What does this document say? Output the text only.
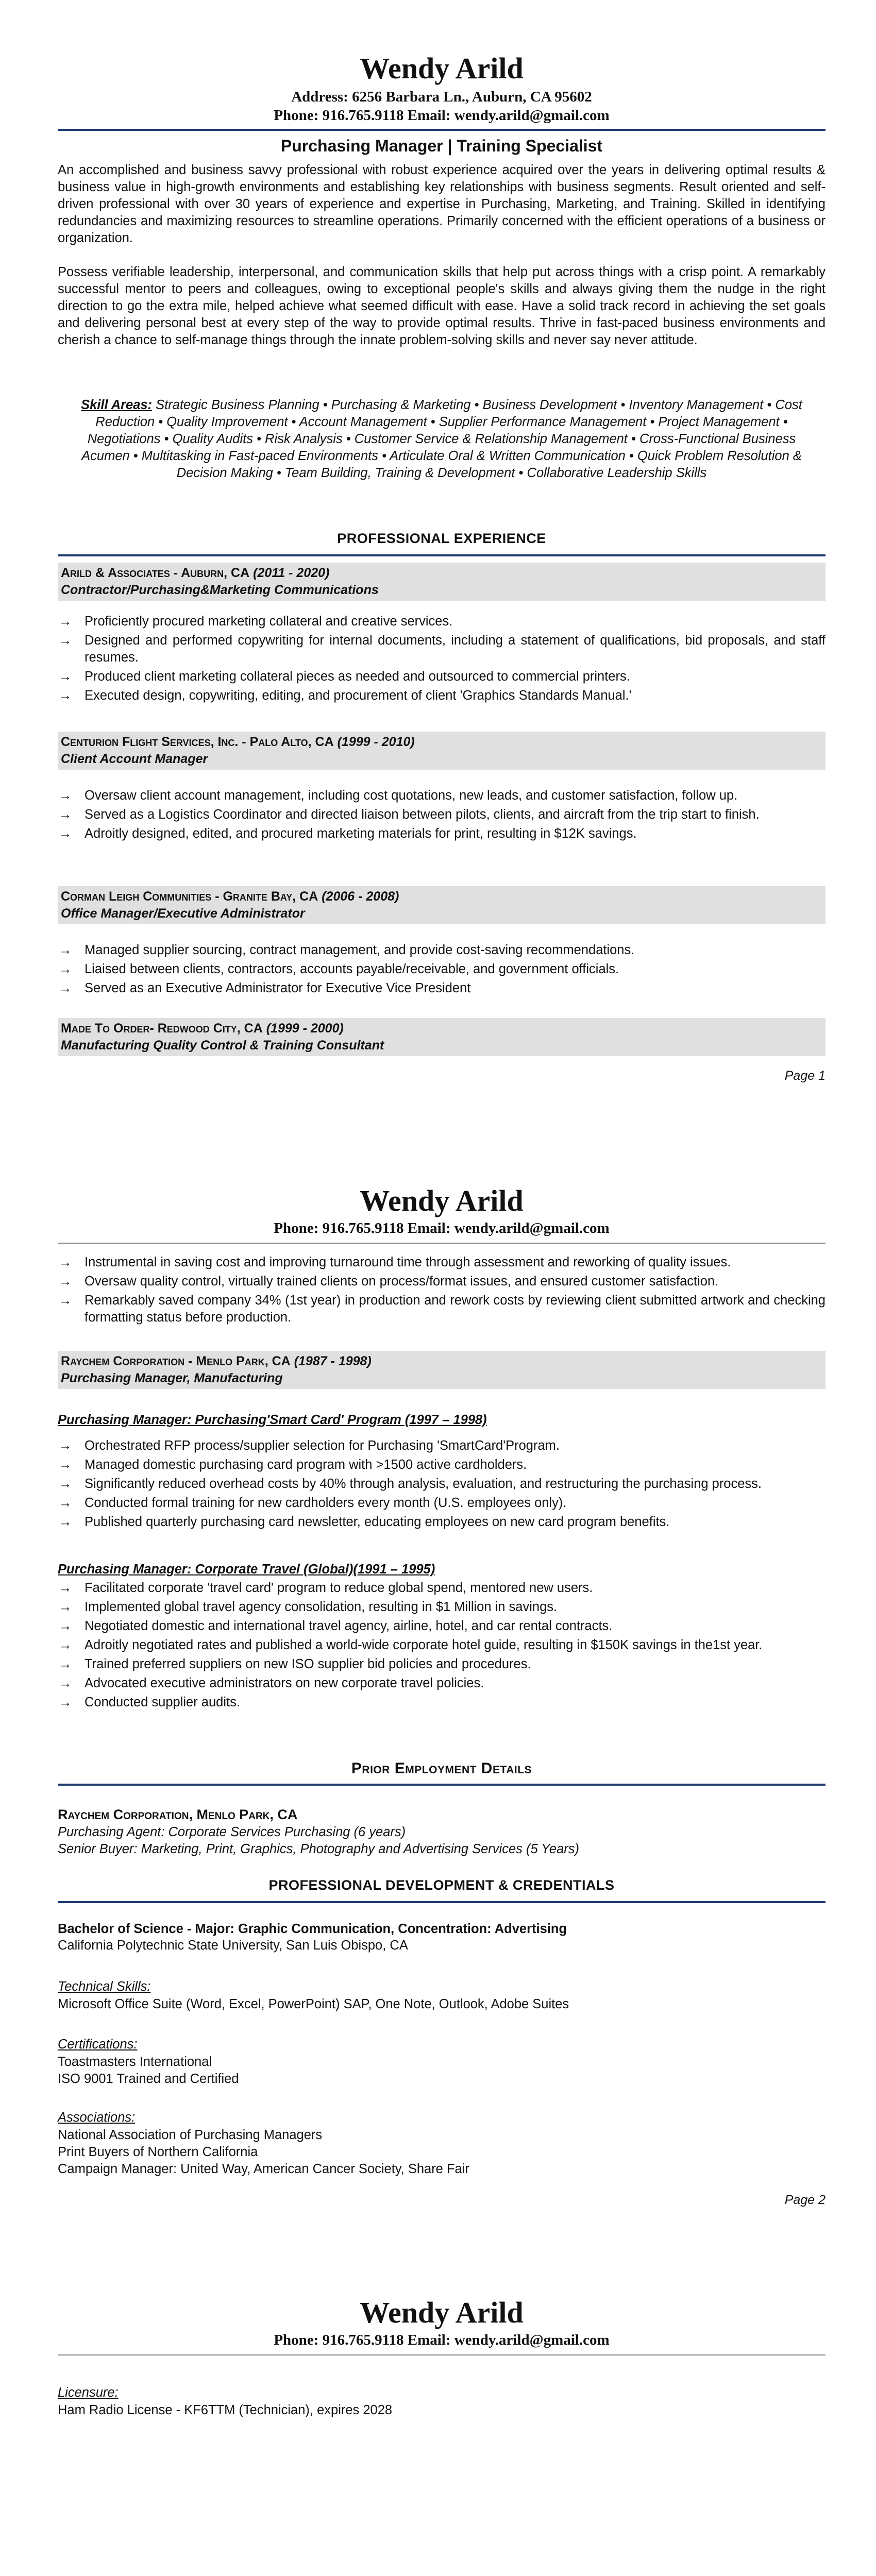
Wendy Arild
Address: 6256 Barbara Ln., Auburn, CA 95602
Phone: 916.765.9118 Email: wendy.arild@gmail.com
Purchasing Manager | Training Specialist

An accomplished and business savvy professional with robust experience acquired over the years in delivering optimal results & business value in high-growth environments and establishing key relationships with business segments. Result oriented and self-driven professional with over 30 years of experience and expertise in Purchasing, Marketing, and Training. Skilled in identifying redundancies and maximizing resources to streamline operations. Primarily concerned with the efficient operations of a business or organization.

Possess verifiable leadership, interpersonal, and communication skills that help put across things with a crisp point. A remarkably successful mentor to peers and colleagues, owing to exceptional people's skills and always giving them the nudge in the right direction to go the extra mile, helped achieve what seemed difficult with ease. Have a solid track record in achieving the set goals and delivering personal best at every step of the way to provide optimal results. Thrive in fast-paced business environments and cherish a chance to self-manage things through the innate problem-solving skills and never say never attitude.

Skill Areas: Strategic Business Planning • Purchasing & Marketing • Business Development • Inventory Management • Cost Reduction • Quality Improvement • Account Management • Supplier Performance Management • Project Management • Negotiations • Quality Audits • Risk Analysis • Customer Service & Relationship Management • Cross-Functional Business Acumen • Multitasking in Fast-paced Environments • Articulate Oral & Written Communication • Quick Problem Resolution & Decision Making • Team Building, Training & Development • Collaborative Leadership Skills
PROFESSIONAL EXPERIENCE
Arild & Associates - Auburn, CA (2011 - 2020)
Contractor/Purchasing&Marketing Communications
→ Proficiently procured marketing collateral and creative services.
→ Designed and performed copywriting for internal documents, including a statement of qualifications, bid proposals, and staff resumes.
→ Produced client marketing collateral pieces as needed and outsourced to commercial printers.
→ Executed design, copywriting, editing, and procurement of client 'Graphics Standards Manual.'
Centurion Flight Services, Inc. - Palo Alto, CA (1999 - 2010)
Client Account Manager
→ Oversaw client account management, including cost quotations, new leads, and customer satisfaction, follow up.
→ Served as a Logistics Coordinator and directed liaison between pilots, clients, and aircraft from the trip start to finish.
→ Adroitly designed, edited, and procured marketing materials for print, resulting in $12K savings.
Corman Leigh Communities - Granite Bay, CA (2006 - 2008)
Office Manager/Executive Administrator
→ Managed supplier sourcing, contract management, and provide cost-saving recommendations.
→ Liaised between clients, contractors, accounts payable/receivable, and government officials.
→ Served as an Executive Administrator for Executive Vice President
Made To Order- Redwood City, CA (1999 - 2000)
Manufacturing Quality Control & Training Consultant
Page 1
Wendy Arild
Phone: 916.765.9118 Email: wendy.arild@gmail.com
→ Instrumental in saving cost and improving turnaround time through assessment and reworking of quality issues.
→ Oversaw quality control, virtually trained clients on process/format issues, and ensured customer satisfaction.
→ Remarkably saved company 34% (1st year) in production and rework costs by reviewing client submitted artwork and checking formatting status before production.
Raychem Corporation - Menlo Park, CA (1987 - 1998)
Purchasing Manager, Manufacturing
Purchasing Manager: Purchasing'Smart Card' Program (1997 – 1998)
→ Orchestrated RFP process/supplier selection for Purchasing 'SmartCard'Program.
→ Managed domestic purchasing card program with >1500 active cardholders.
→ Significantly reduced overhead costs by 40% through analysis, evaluation, and restructuring the purchasing process.
→ Conducted formal training for new cardholders every month (U.S. employees only).
→ Published quarterly purchasing card newsletter, educating employees on new card program benefits.
Purchasing Manager: Corporate Travel (Global)(1991 – 1995)
→ Facilitated corporate 'travel card' program to reduce global spend, mentored new users.
→ Implemented global travel agency consolidation, resulting in $1 Million in savings.
→ Negotiated domestic and international travel agency, airline, hotel, and car rental contracts.
→ Adroitly negotiated rates and published a world-wide corporate hotel guide, resulting in $150K savings in the1st year.
→ Trained preferred suppliers on new ISO supplier bid policies and procedures.
→ Advocated executive administrators on new corporate travel policies.
→ Conducted supplier audits.
Prior Employment Details
Raychem Corporation, Menlo Park, CA
Purchasing Agent: Corporate Services Purchasing (6 years)
Senior Buyer: Marketing, Print, Graphics, Photography and Advertising Services (5 Years)
PROFESSIONAL DEVELOPMENT & CREDENTIALS
Bachelor of Science - Major: Graphic Communication, Concentration: Advertising
California Polytechnic State University, San Luis Obispo, CA
Technical Skills:
Microsoft Office Suite (Word, Excel, PowerPoint) SAP, One Note, Outlook, Adobe Suites
Certifications:
Toastmasters International
ISO 9001 Trained and Certified
Associations:
National Association of Purchasing Managers
Print Buyers of Northern California
Campaign Manager: United Way, American Cancer Society, Share Fair
Page 2
Wendy Arild
Phone: 916.765.9118 Email: wendy.arild@gmail.com
Licensure:
Ham Radio License - KF6TTM (Technician), expires 2028
